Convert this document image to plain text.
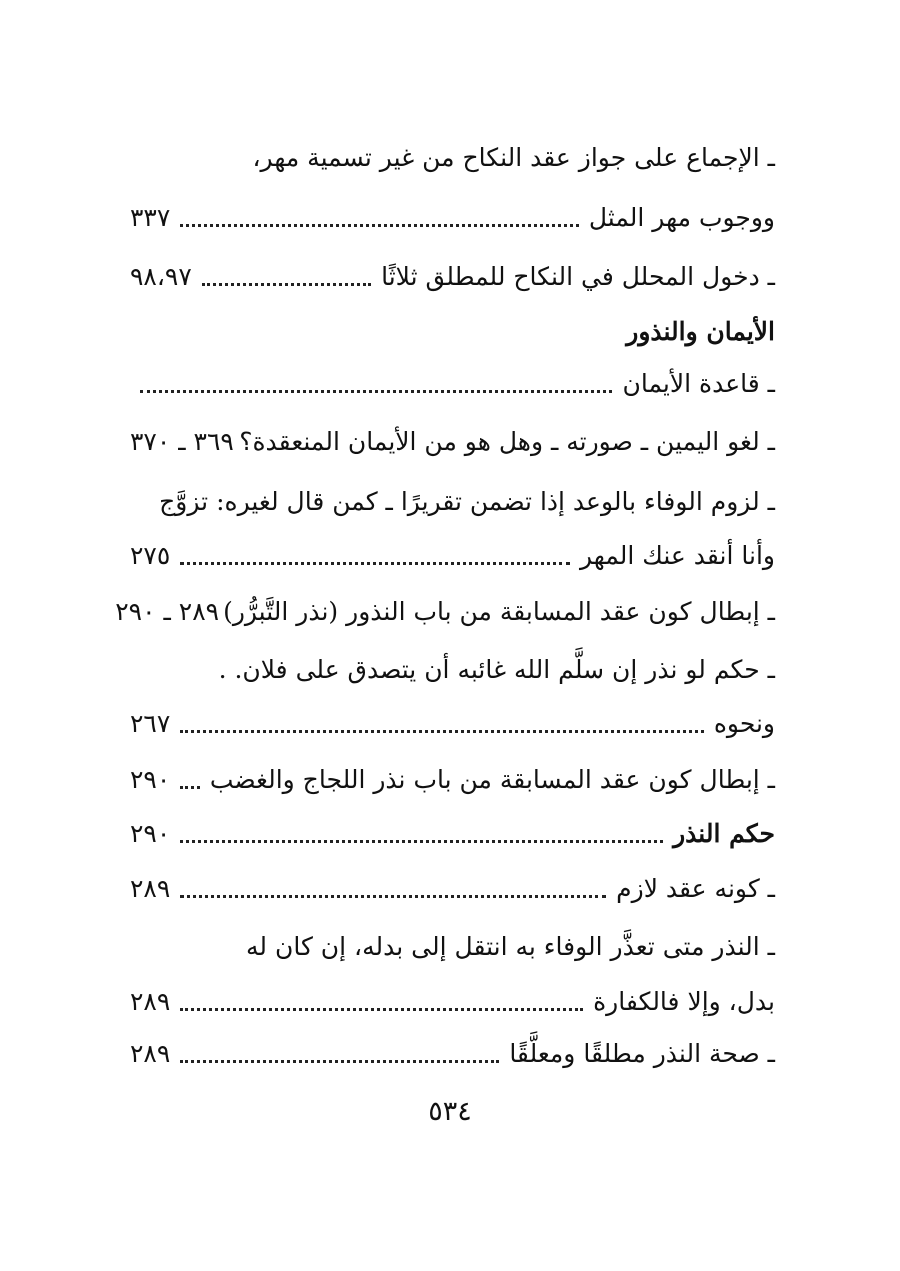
ـ الإجماع على جواز عقد النكاح من غير تسمية مهر،
ووجوب مهر المثل
٣٣٧
ـ دخول المحلل في النكاح للمطلق ثلاثًا
٩٨،٩٧
الأيمان والنذور
ـ قاعدة الأيمان
ـ لغو اليمين ـ صورته ـ وهل هو من الأيمان المنعقدة؟
٣٦٩ ـ ٣٧٠
ـ لزوم الوفاء بالوعد إذا تضمن تقريرًا ـ كمن قال لغيره: تزوَّج
وأنا أنقد عنك المهر
٢٧٥
ـ إبطال كون عقد المسابقة من باب النذور (نذر التَّبرُّر)
٢٨٩ ـ ٢٩٠
ـ حكم لو نذر إن سلَّم الله غائبه أن يتصدق على فلان. .
ونحوه
٢٦٧
ـ إبطال كون عقد المسابقة من باب نذر اللجاج والغضب
٢٩٠
حكم النذر
٢٩٠
ـ كونه عقد لازم
٢٨٩
ـ النذر متى تعذَّر الوفاء به انتقل إلى بدله، إن كان له
بدل، وإلا فالكفارة
٢٨٩
ـ صحة النذر مطلقًا ومعلَّقًا
٢٨٩
٥٣٤
